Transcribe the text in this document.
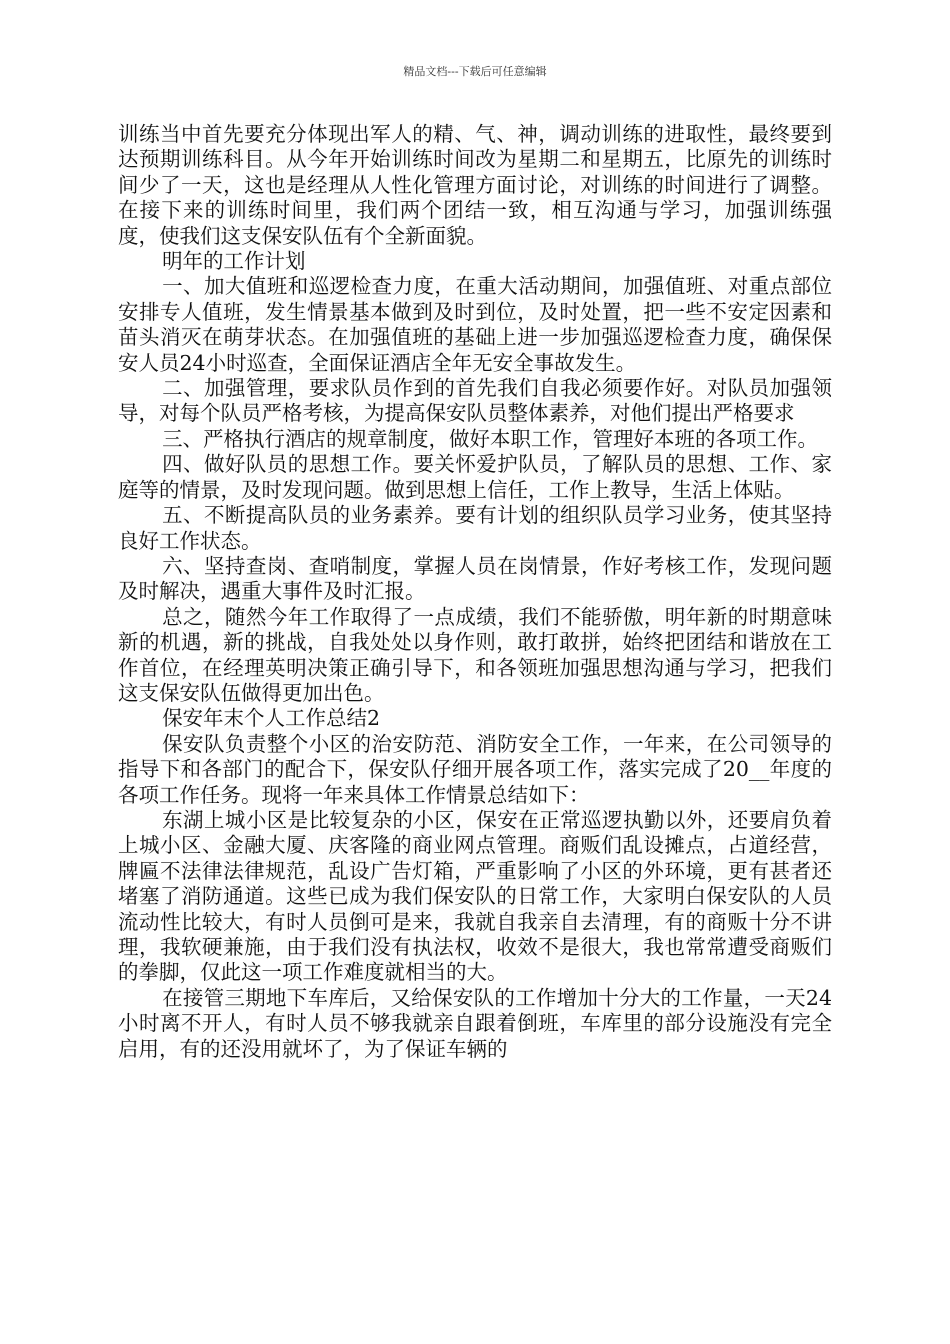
精品文档---下载后可任意编辑

训练当中首先要充分体现出军人的精、气、神，调动训练的进取性，最终要到达预期训练科目。从今年开始训练时间改为星期二和星期五，比原先的训练时间少了一天，这也是经理从人性化管理方面讨论，对训练的时间进行了调整。在接下来的训练时间里，我们两个团结一致，相互沟通与学习，加强训练强度，使我们这支保安队伍有个全新面貌。

明年的工作计划

一、加大值班和巡逻检查力度，在重大活动期间，加强值班、对重点部位安排专人值班，发生情景基本做到及时到位，及时处置，把一些不安定因素和苗头消灭在萌芽状态。在加强值班的基础上进一步加强巡逻检查力度，确保保安人员24小时巡查，全面保证酒店全年无安全事故发生。

二、加强管理，要求队员作到的首先我们自我必须要作好。对队员加强领导，对每个队员严格考核，为提高保安队员整体素养，对他们提出严格要求

三、严格执行酒店的规章制度，做好本职工作，管理好本班的各项工作。

四、做好队员的思想工作。要关怀爱护队员，了解队员的思想、工作、家庭等的情景，及时发现问题。做到思想上信任，工作上教导，生活上体贴。

五、不断提高队员的业务素养。要有计划的组织队员学习业务，使其坚持良好工作状态。

六、坚持查岗、查哨制度，掌握人员在岗情景，作好考核工作，发现问题及时解决，遇重大事件及时汇报。

总之，随然今年工作取得了一点成绩，我们不能骄傲，明年新的时期意味新的机遇，新的挑战，自我处处以身作则，敢打敢拼，始终把团结和谐放在工作首位，在经理英明决策正确引导下，和各领班加强思想沟通与学习，把我们这支保安队伍做得更加出色。

保安年末个人工作总结2

保安队负责整个小区的治安防范、消防安全工作，一年来，在公司领导的指导下和各部门的配合下，保安队仔细开展各项工作，落实完成了20__年度的各项工作任务。现将一年来具体工作情景总结如下：

东湖上城小区是比较复杂的小区，保安在正常巡逻执勤以外，还要肩负着上城小区、金融大厦、庆客隆的商业网点管理。商贩们乱设摊点，占道经营，牌匾不法律法律规范，乱设广告灯箱，严重影响了小区的外环境，更有甚者还堵塞了消防通道。这些已成为我们保安队的日常工作，大家明白保安队的人员流动性比较大，有时人员倒可是来，我就自我亲自去清理，有的商贩十分不讲理，我软硬兼施，由于我们没有执法权，收效不是很大，我也常常遭受商贩们的拳脚，仅此这一项工作难度就相当的大。

在接管三期地下车库后，又给保安队的工作增加十分大的工作量，一天24小时离不开人，有时人员不够我就亲自跟着倒班，车库里的部分设施没有完全启用，有的还没用就坏了，为了保证车辆的
